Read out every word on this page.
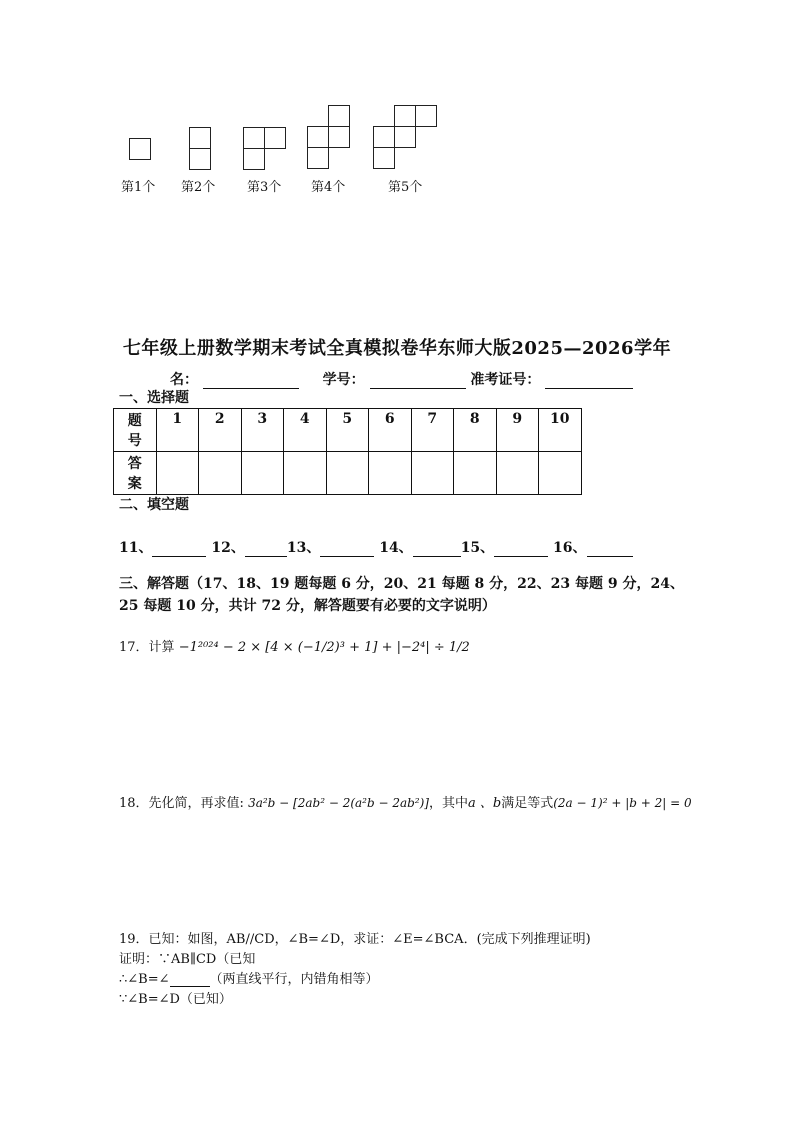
第1个 第2个 第3个 第4个	第5个
七年级上册数学期末考试全真模拟卷华东师大版2025—2026学年
名：	学号：	准考证号：
一、选择题
题
号	1	2	3	4	5	6	7	8	9	10
答
案										
二、填空题
11、	12、	13、	14、	15、	16、
三、解答题（17、18、19 题每题 6 分，20、21 每题 8 分，22、23 每题 9 分，24、25 每题 10 分，共计 72 分，解答题要有必要的文字说明）
17．计算 −1²⁰²⁴ − 2 × [4 × (−1/2)³ + 1] + |−2⁴| ÷ 1/2
18．先化简，再求值: 3a²b − [2ab² − 2(a²b − 2ab²)]，其中a 、b满足等式(2a − 1)² + |b + 2| = 0
19．已知：如图，AB//CD，∠B=∠D，求证：∠E=∠BCA．(完成下列推理证明)
证明：∵AB∥CD（已知
∴∠B=∠	（两直线平行，内错角相等）
∵∠B=∠D（已知）
